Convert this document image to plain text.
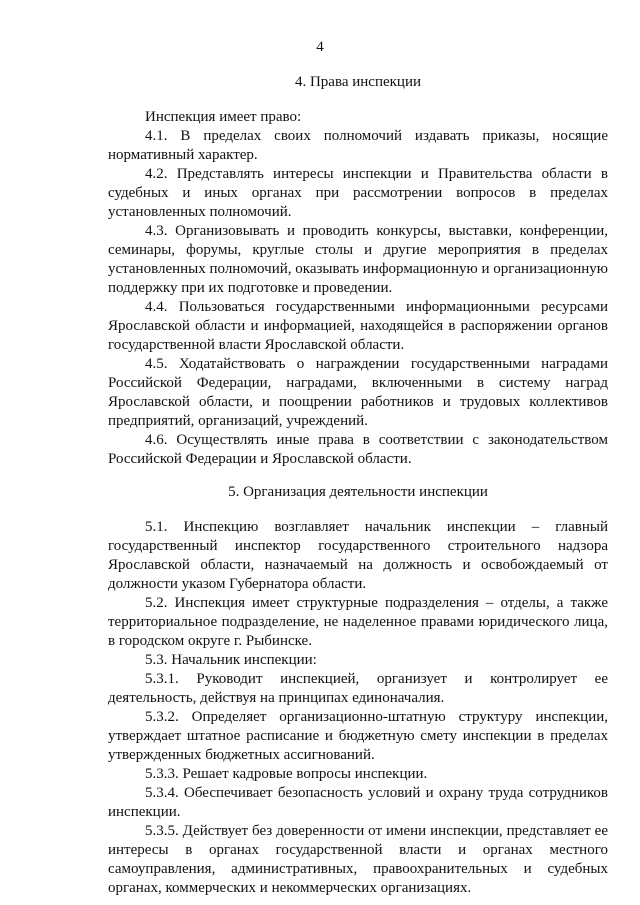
4

4. Права инспекции

Инспекция имеет право:

4.1. В пределах своих полномочий издавать приказы, носящие нормативный характер.

4.2. Представлять интересы инспекции и Правительства области в судебных и иных органах при рассмотрении вопросов в пределах установленных полномочий.

4.3. Организовывать и проводить конкурсы, выставки, конференции, семинары, форумы, круглые столы и другие мероприятия в пределах установленных полномочий, оказывать информационную и организационную поддержку при их подготовке и проведении.

4.4. Пользоваться государственными информационными ресурсами Ярославской области и информацией, находящейся в распоряжении органов государственной власти Ярославской области.

4.5. Ходатайствовать о награждении государственными наградами Российской Федерации, наградами, включенными в систему наград Ярославской области, и поощрении работников и трудовых коллективов предприятий, организаций, учреждений.

4.6. Осуществлять иные права в соответствии с законодательством Российской Федерации и Ярославской области.

5. Организация деятельности инспекции

5.1. Инспекцию возглавляет начальник инспекции – главный государственный инспектор государственного строительного надзора Ярославской области, назначаемый на должность и освобождаемый от должности указом Губернатора области.

5.2. Инспекция имеет структурные подразделения – отделы, а также территориальное подразделение, не наделенное правами юридического лица, в городском округе г. Рыбинске.

5.3. Начальник инспекции:

5.3.1. Руководит инспекцией, организует и контролирует ее деятельность, действуя на принципах единоначалия.

5.3.2. Определяет организационно-штатную структуру инспекции, утверждает штатное расписание и бюджетную смету инспекции в пределах утвержденных бюджетных ассигнований.

5.3.3. Решает кадровые вопросы инспекции.

5.3.4. Обеспечивает безопасность условий и охрану труда сотрудников инспекции.

5.3.5. Действует без доверенности от имени инспекции, представляет ее интересы в органах государственной власти и органах местного самоуправления, административных, правоохранительных и судебных органах, коммерческих и некоммерческих организациях.
